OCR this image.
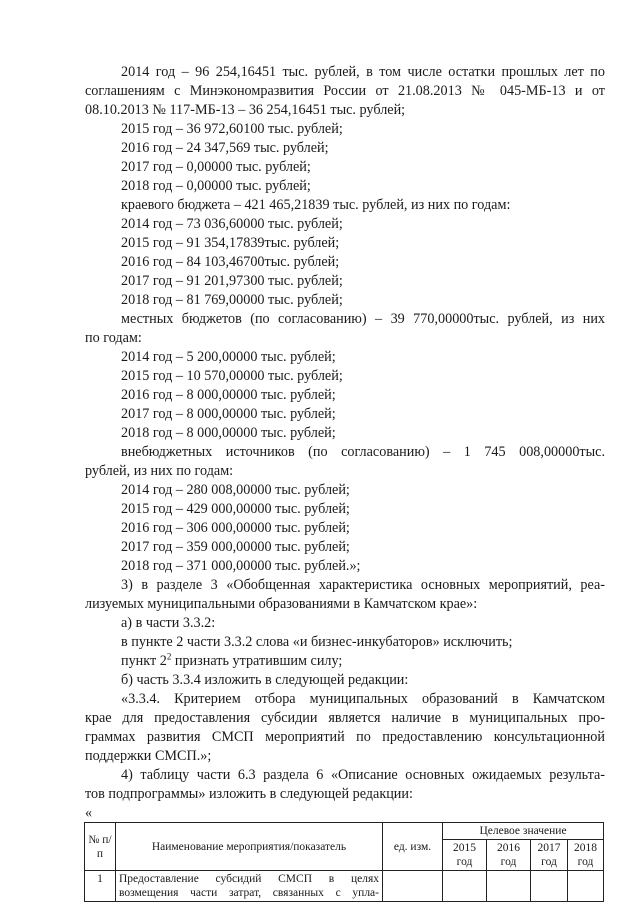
2014 год – 96 254,16451 тыс. рублей, в том числе остатки прошлых лет по
соглашениям с Минэкономразвития России от 21.08.2013 № 045-МБ-13 и от
08.10.2013 № 117-МБ-13 – 36 254,16451 тыс. рублей;
2015 год – 36 972,60100 тыс. рублей;
2016 год – 24 347,569 тыс. рублей;
2017 год – 0,00000 тыс. рублей;
2018 год – 0,00000 тыс. рублей;
краевого бюджета – 421 465,21839 тыс. рублей, из них по годам:
2014 год – 73 036,60000 тыс. рублей;
2015 год – 91 354,17839тыс. рублей;
2016 год – 84 103,46700тыс. рублей;
2017 год – 91 201,97300 тыс. рублей;
2018 год – 81 769,00000 тыс. рублей;
местных бюджетов (по согласованию) – 39 770,00000тыс. рублей, из них
по годам:
2014 год – 5 200,00000 тыс. рублей;
2015 год – 10 570,00000 тыс. рублей;
2016 год – 8 000,00000 тыс. рублей;
2017 год – 8 000,00000 тыс. рублей;
2018 год – 8 000,00000 тыс. рублей;
внебюджетных источников (по согласованию) – 1 745 008,00000тыс.
рублей, из них по годам:
2014 год – 280 008,00000 тыс. рублей;
2015 год – 429 000,00000 тыс. рублей;
2016 год – 306 000,00000 тыс. рублей;
2017 год – 359 000,00000 тыс. рублей;
2018 год – 371 000,00000 тыс. рублей.»;
3) в разделе 3 «Обобщенная характеристика основных мероприятий, реа-
лизуемых муниципальными образованиями в Камчатском крае»:
а) в части 3.3.2:
в пункте 2 части 3.3.2 слова «и бизнес-инкубаторов» исключить;
пункт $2^2$ признать утратившим силу;
б) часть 3.3.4 изложить в следующей редакции:
«3.3.4. Критерием отбора муниципальных образований в Камчатском
крае для предоставления субсидии является наличие в муниципальных про-
граммах развития СМСП мероприятий по предоставлению консультационной
поддержки СМСП.»;
4) таблицу части 6.3 раздела 6 «Описание основных ожидаемых результа-
тов подпрограммы» изложить в следующей редакции:
«
№ п/п	Наименование мероприятия/показатель	ед. изм.	Целевое значение			
			2015 год	2016 год	2017 год	2018 год
1	Предоставление субсидий СМСП в целях возмещения части затрат, связанных с упла-					
